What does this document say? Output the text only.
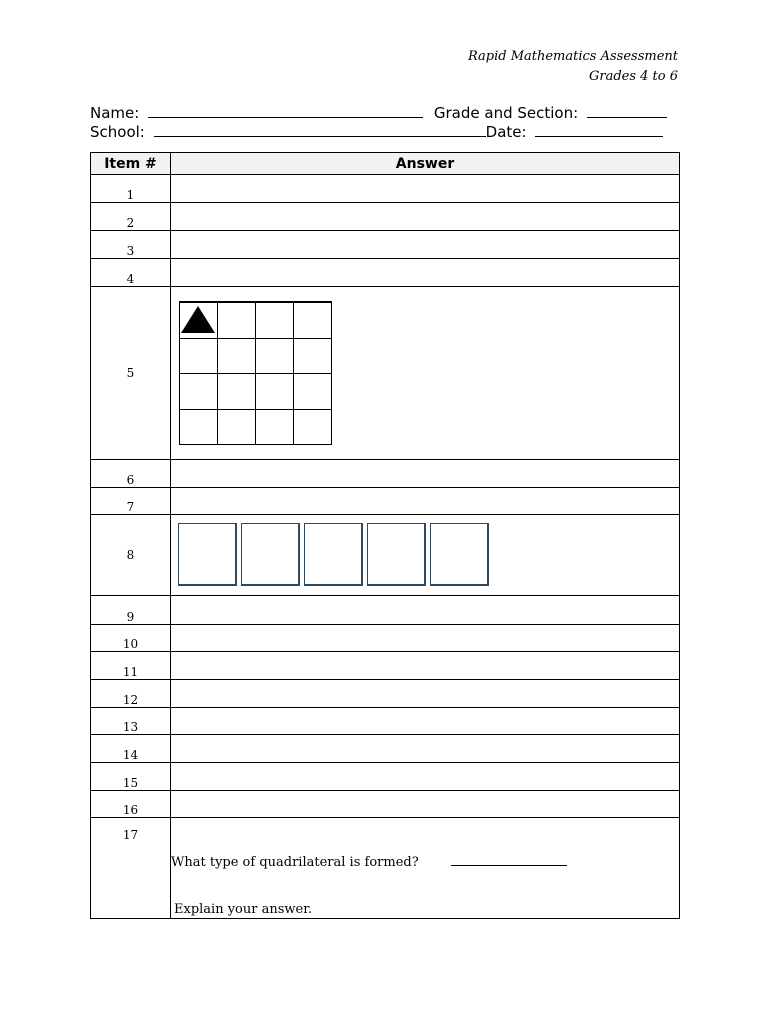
Rapid Mathematics Assessment
Grades 4 to 6
Name:	Grade and Section:
School:	Date:
Item #	Answer
1	
2	
3	
4	
5	

6	
7	
8	

9	
10	
11	
12	
13	
14	
15	
16	
17	What type of quadrilateral is formed?
Explain your answer.
